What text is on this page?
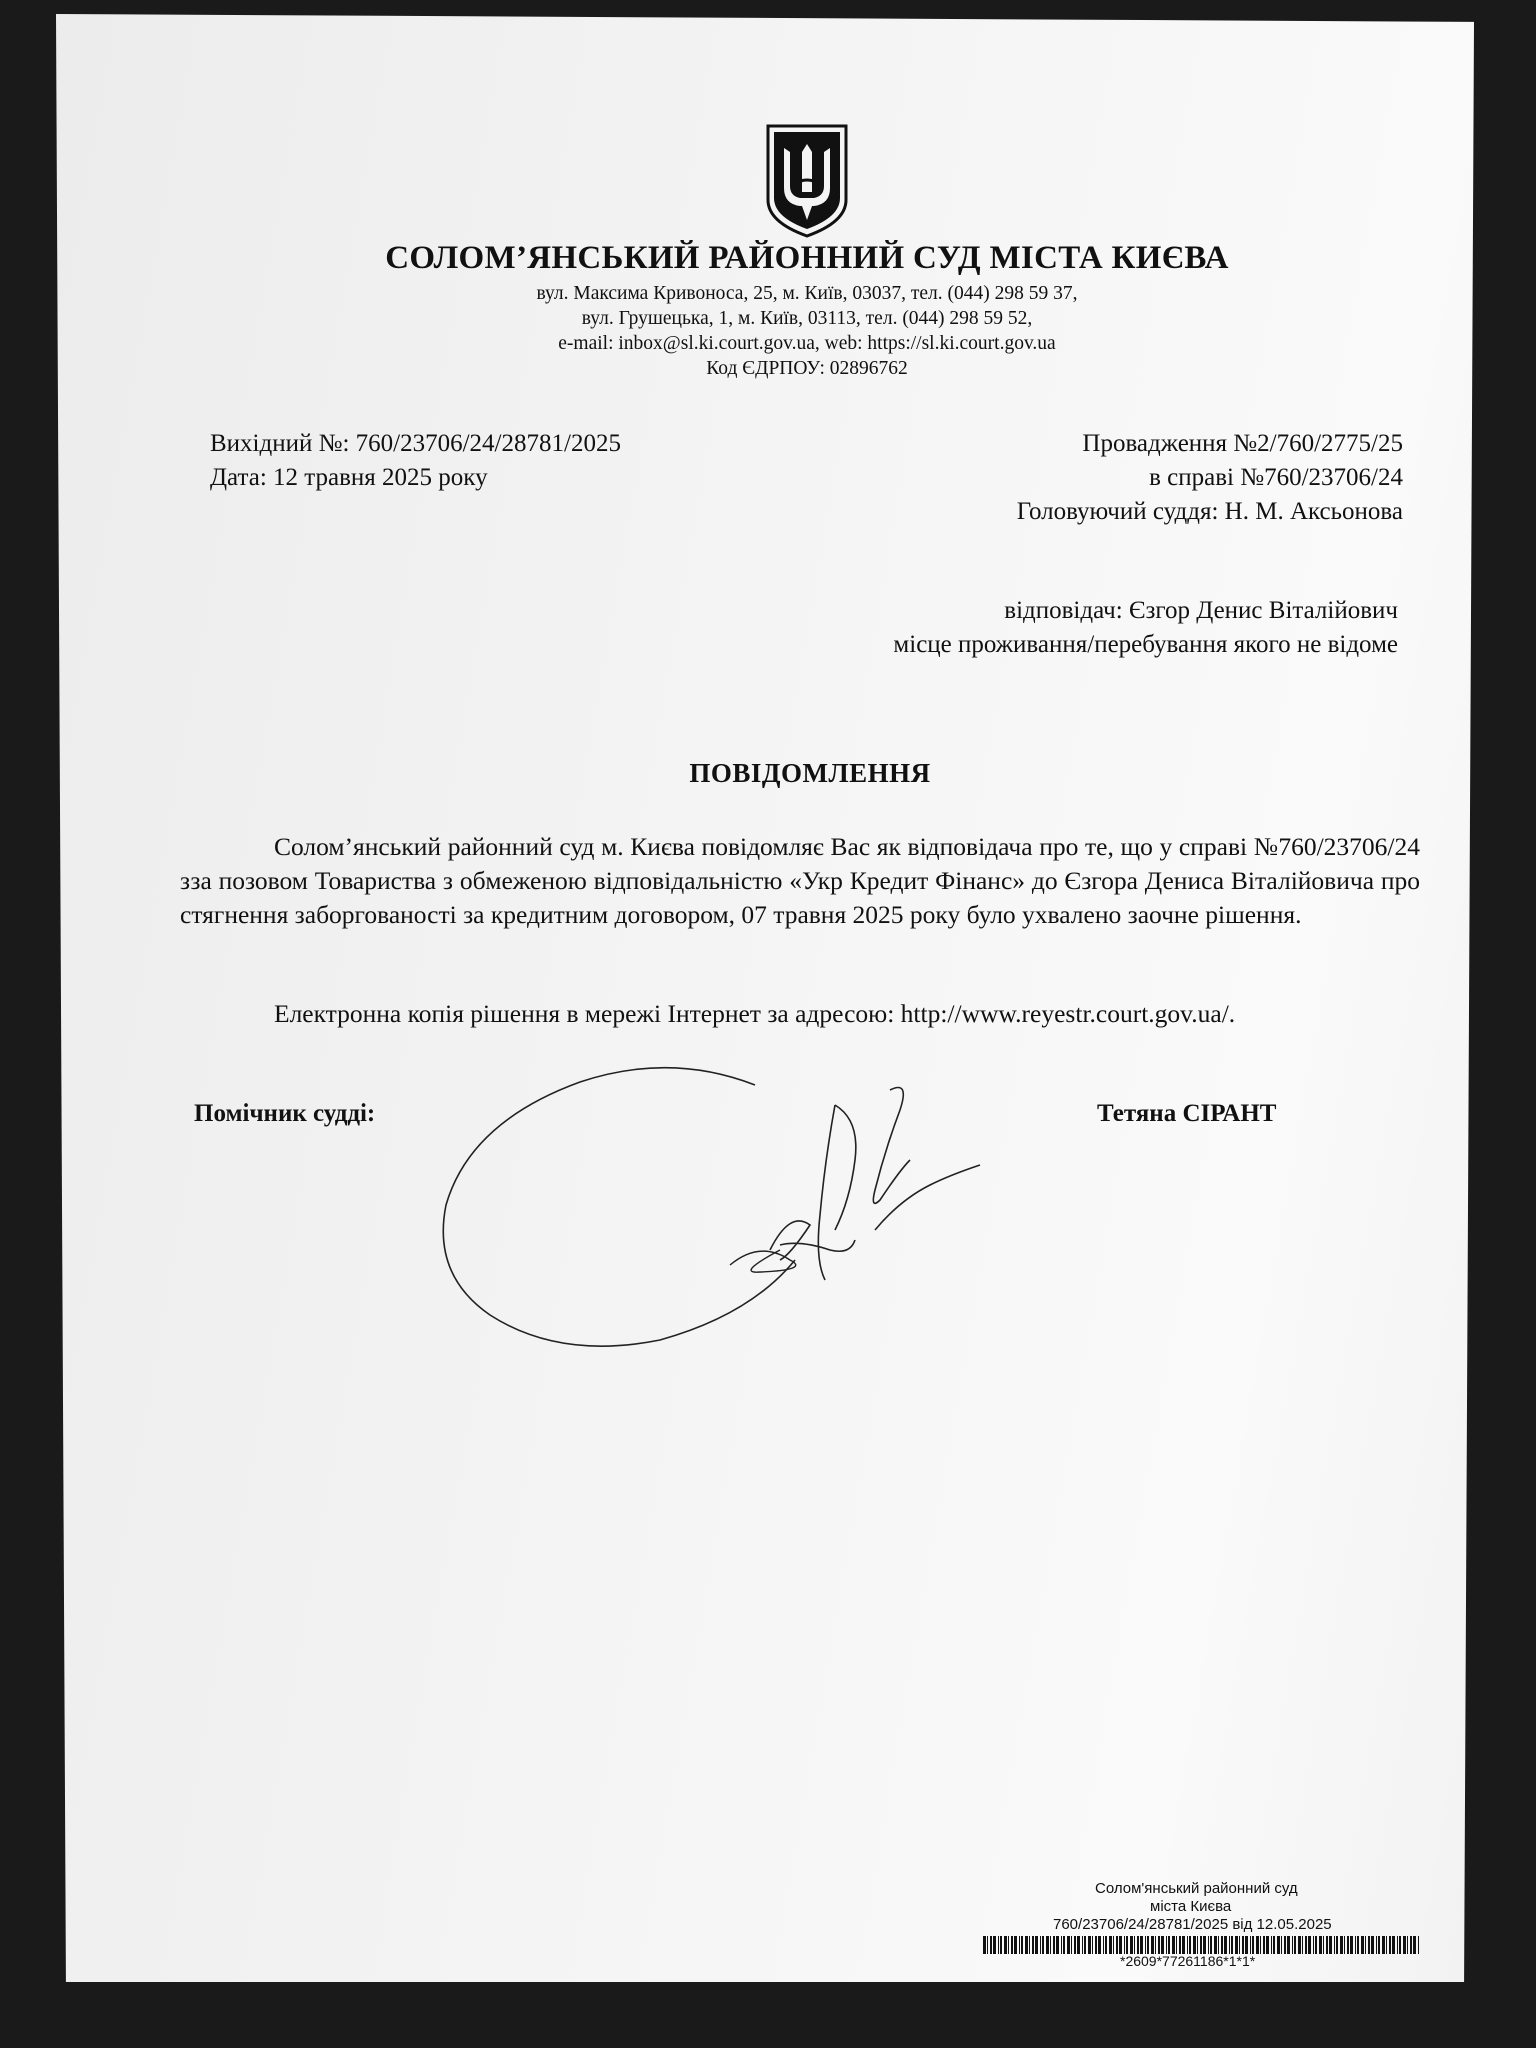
СОЛОМ’ЯНСЬКИЙ РАЙОННИЙ СУД МІСТА КИЄВА
вул. Максима Кривоноса, 25, м. Київ, 03037, тел. (044) 298 59 37,
вул. Грушецька, 1, м. Київ, 03113, тел. (044) 298 59 52,
e-mail: inbox@sl.ki.court.gov.ua, web: https://sl.ki.court.gov.ua
Код ЄДРПОУ: 02896762
Вихідний №: 760/23706/24/28781/2025
Дата: 12 травня 2025 року
Провадження №2/760/2775/25
в справі №760/23706/24
Головуючий суддя: Н. М. Аксьонова
відповідач: Єзгор Денис Віталійович
місце проживання/перебування якого не відоме
ПОВІДОМЛЕННЯ
Солом’янський районний суд м. Києва повідомляє Вас як відповідача про те, що у справі №760/23706/24 зза позовом Товариства з обмеженою відповідальністю «Укр Кредит Фінанс» до Єзгора Дениса Віталійовича про стягнення заборгованості за кредитним договором, 07 травня 2025 року було ухвалено заочне рішення.
Електронна копія рішення в мережі Інтернет за адресою: http://www.reyestr.court.gov.ua/.
Помічник судді:	Тетяна СІРАНТ
Солом'янський районний суд
міста Києва
760/23706/24/28781/2025 від 12.05.2025
*2609*77261186*1*1*
